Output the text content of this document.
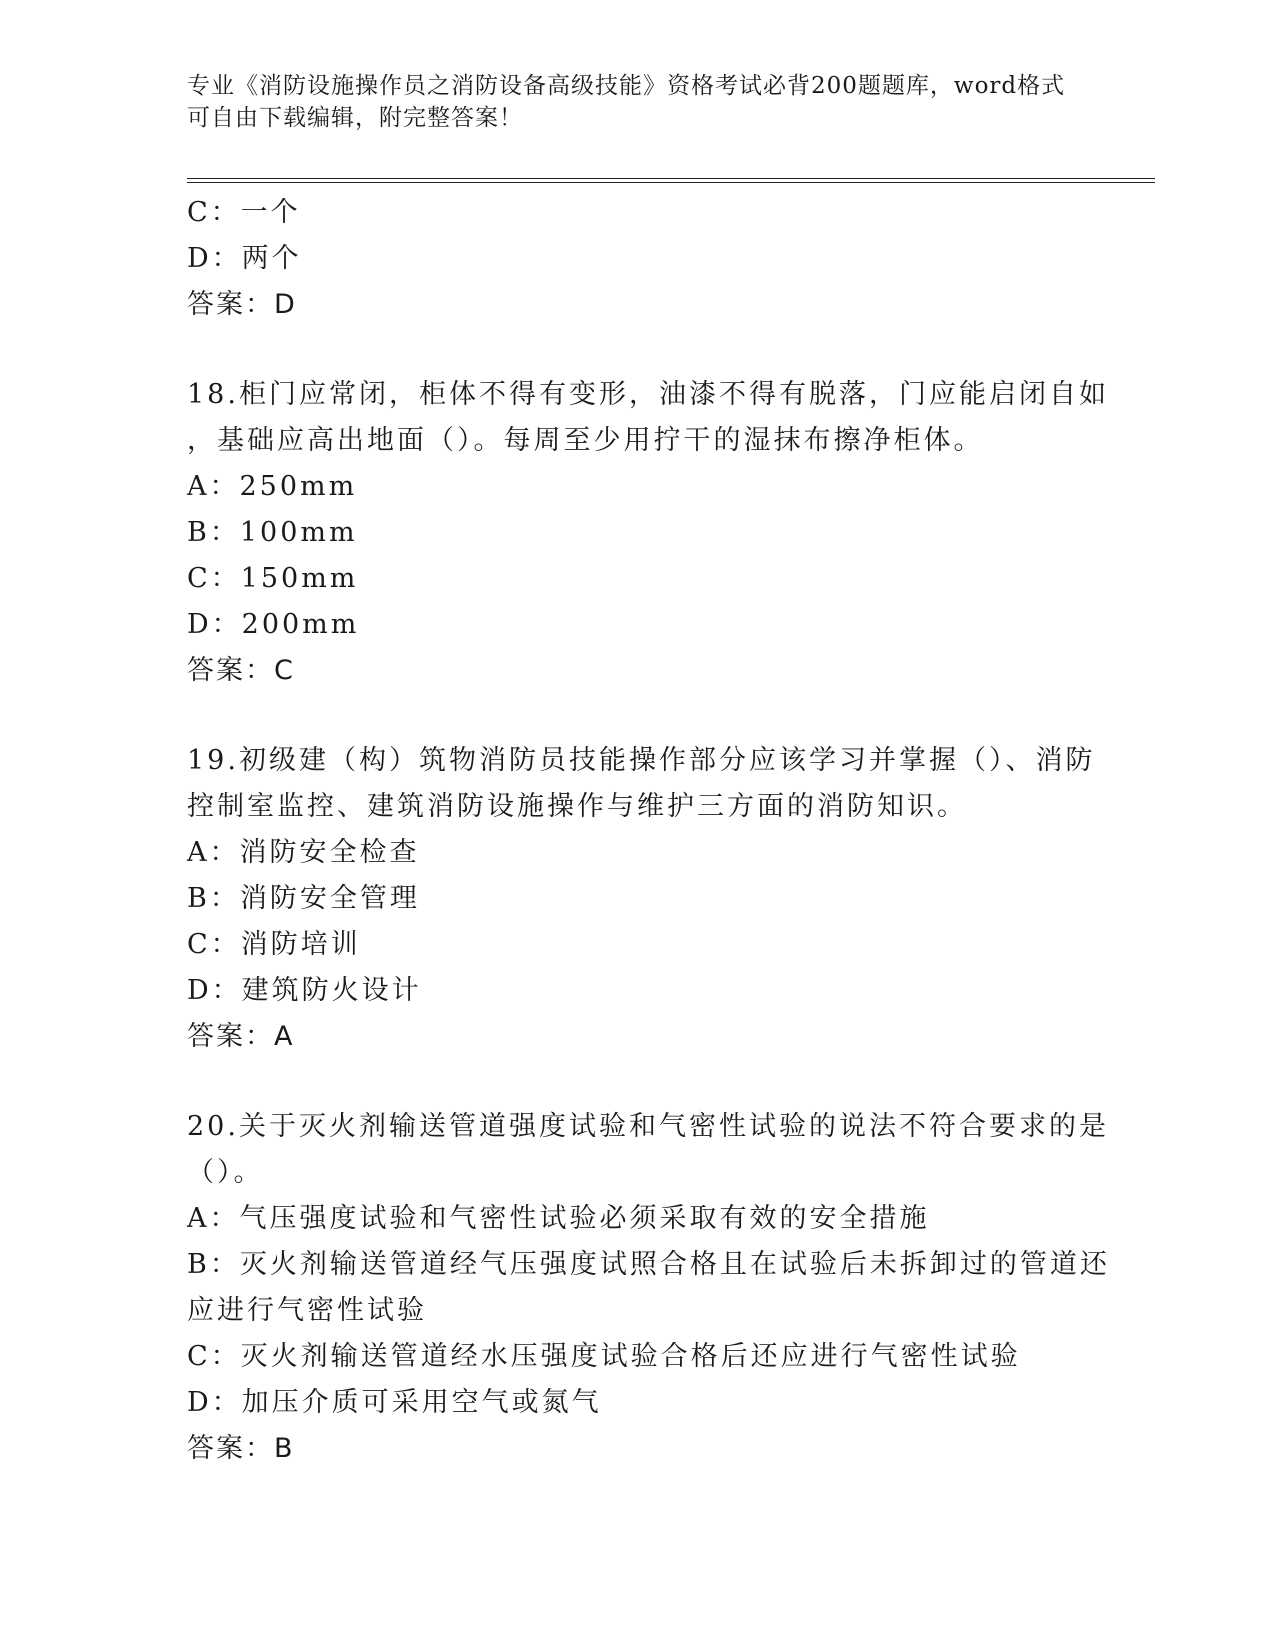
专业《消防设施操作员之消防设备高级技能》资格考试必背200题题库，word格式可自由下载编辑，附完整答案！
C：一个
D：两个
答案：D
18.柜门应常闭，柜体不得有变形，油漆不得有脱落，门应能启闭自如
，基础应高出地面（）。每周至少用拧干的湿抹布擦净柜体。
A：250mm
B：100mm
C：150mm
D：200mm
答案：C
19.初级建（构）筑物消防员技能操作部分应该学习并掌握（）、消防
控制室监控、建筑消防设施操作与维护三方面的消防知识。
A：消防安全检查
B：消防安全管理
C：消防培训
D：建筑防火设计
答案：A
20.关于灭火剂输送管道强度试验和气密性试验的说法不符合要求的是
（）。
A：气压强度试验和气密性试验必须采取有效的安全措施
B：灭火剂输送管道经气压强度试照合格且在试验后未拆卸过的管道还
应进行气密性试验
C：灭火剂输送管道经水压强度试验合格后还应进行气密性试验
D：加压介质可采用空气或氮气
答案：B
